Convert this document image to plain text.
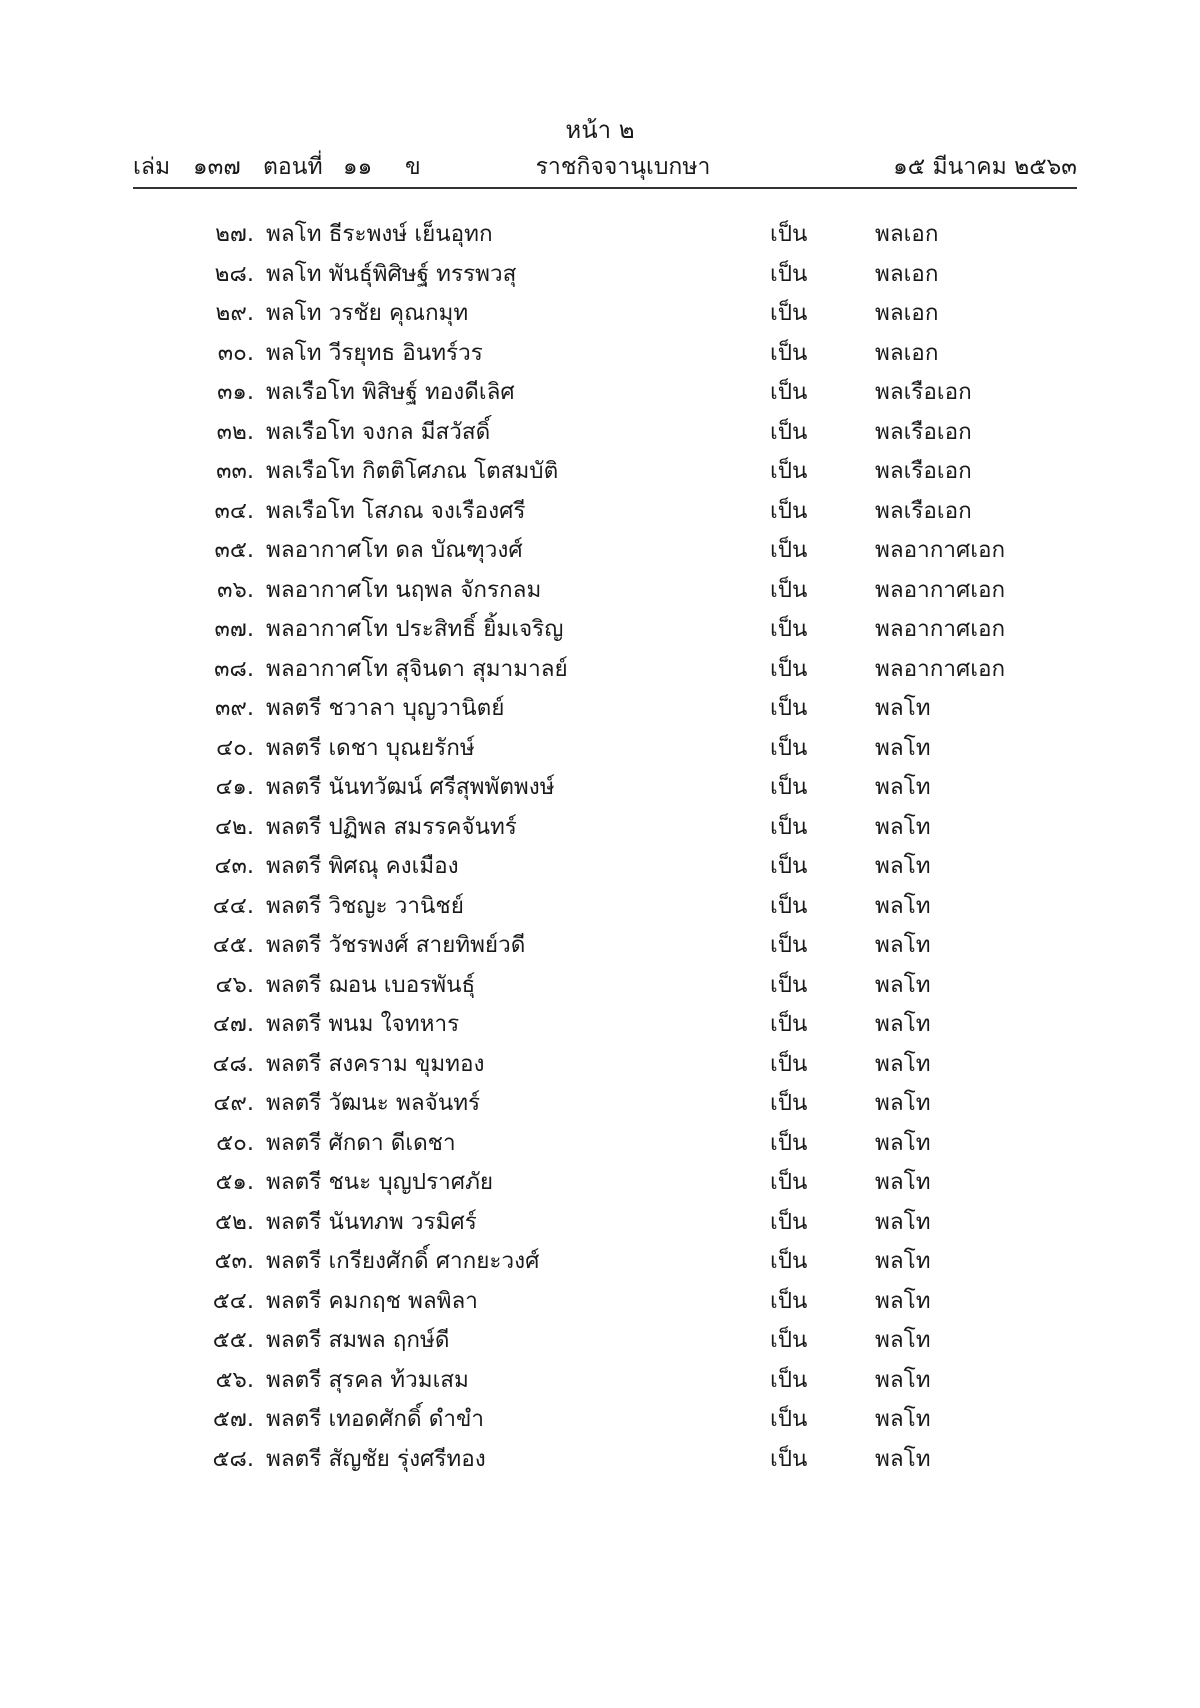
หน้า ๒
เล่ม ๑๓๗ ตอนที่ ๑๑ ข	ราชกิจจานุเบกษา	๑๕ มีนาคม ๒๕๖๓
๒๗. พลโท ธีระพงษ์ เย็นอุทก	เป็น	พลเอก
๒๘. พลโท พันธุ์พิศิษฐ์ ทรรพวสุ	เป็น	พลเอก
๒๙. พลโท วรชัย คุณกมุท	เป็น	พลเอก
๓๐. พลโท วีรยุทธ อินทร์วร	เป็น	พลเอก
๓๑. พลเรือโท พิสิษฐ์ ทองดีเลิศ	เป็น	พลเรือเอก
๓๒. พลเรือโท จงกล มีสวัสดิ์	เป็น	พลเรือเอก
๓๓. พลเรือโท กิตติโศภณ โตสมบัติ	เป็น	พลเรือเอก
๓๔. พลเรือโท โสภณ จงเรืองศรี	เป็น	พลเรือเอก
๓๕. พลอากาศโท ดล บัณฑุวงศ์	เป็น	พลอากาศเอก
๓๖. พลอากาศโท นฤพล จักรกลม	เป็น	พลอากาศเอก
๓๗. พลอากาศโท ประสิทธิ์ ยิ้มเจริญ	เป็น	พลอากาศเอก
๓๘. พลอากาศโท สุจินดา สุมามาลย์	เป็น	พลอากาศเอก
๓๙. พลตรี ชวาลา บุญวานิตย์	เป็น	พลโท
๔๐. พลตรี เดชา บุณยรักษ์	เป็น	พลโท
๔๑. พลตรี นันทวัฒน์ ศรีสุพพัตพงษ์	เป็น	พลโท
๔๒. พลตรี ปฏิพล สมรรคจันทร์	เป็น	พลโท
๔๓. พลตรี พิศณุ คงเมือง	เป็น	พลโท
๔๔. พลตรี วิชญะ วานิชย์	เป็น	พลโท
๔๕. พลตรี วัชรพงศ์ สายทิพย์วดี	เป็น	พลโท
๔๖. พลตรี ฌอน เบอรพันธุ์	เป็น	พลโท
๔๗. พลตรี พนม ใจทหาร	เป็น	พลโท
๔๘. พลตรี สงคราม ขุมทอง	เป็น	พลโท
๔๙. พลตรี วัฒนะ พลจันทร์	เป็น	พลโท
๕๐. พลตรี ศักดา ดีเดชา	เป็น	พลโท
๕๑. พลตรี ชนะ บุญปราศภัย	เป็น	พลโท
๕๒. พลตรี นันทภพ วรมิศร์	เป็น	พลโท
๕๓. พลตรี เกรียงศักดิ์ ศากยะวงศ์	เป็น	พลโท
๕๔. พลตรี คมกฤช พลพิลา	เป็น	พลโท
๕๕. พลตรี สมพล ฤกษ์ดี	เป็น	พลโท
๕๖. พลตรี สุรคล ท้วมเสม	เป็น	พลโท
๕๗. พลตรี เทอดศักดิ์ ดำขำ	เป็น	พลโท
๕๘. พลตรี สัญชัย รุ่งศรีทอง	เป็น	พลโท
